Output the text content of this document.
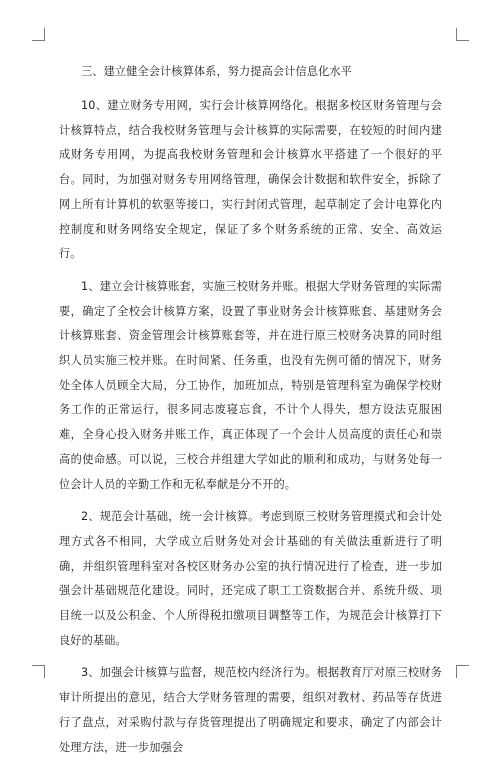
三、建立健全会计核算体系，努力提高会计信息化水平

10、建立财务专用网，实行会计核算网络化。根据多校区财务管理与会计核算特点，结合我校财务管理与会计核算的实际需要，在较短的时间内建成财务专用网，为提高我校财务管理和会计核算水平搭建了一个很好的平台。同时，为加强对财务专用网络管理，确保会计数据和软件安全，拆除了网上所有计算机的软驱等接口，实行封闭式管理，起草制定了会计电算化内控制度和财务网络安全规定，保证了多个财务系统的正常、安全、高效运行。

1、建立会计核算账套，实施三校财务并账。根据大学财务管理的实际需要，确定了全校会计核算方案，设置了事业财务会计核算账套、基建财务会计核算账套、资金管理会计核算账套等，并在进行原三校财务决算的同时组织人员实施三校并账。在时间紧、任务重，也没有先例可循的情况下，财务处全体人员顾全大局，分工协作，加班加点，特别是管理科室为确保学校财务工作的正常运行，很多同志废寝忘食，不计个人得失，想方设法克服困难，全身心投入财务并账工作，真正体现了一个会计人员高度的责任心和崇高的使命感。可以说，三校合并组建大学如此的顺利和成功，与财务处每一位会计人员的辛勤工作和无私奉献是分不开的。

2、规范会计基础，统一会计核算。考虑到原三校财务管理摸式和会计处理方式各不相同，大学成立后财务处对会计基础的有关做法重新进行了明确，并组织管理科室对各校区财务办公室的执行情况进行了检查，进一步加强会计基础规范化建设。同时，还完成了职工工资数据合并、系统升级、项目统一以及公积金、个人所得税扣缴项目调整等工作，为规范会计核算打下良好的基础。

3、加强会计核算与监督，规范校内经济行为。根据教育厅对原三校财务审计所提出的意见，结合大学财务管理的需要，组织对教材、药品等存货进行了盘点，对采购付款与存货管理提出了明确规定和要求，确定了内部会计处理方法，进一步加强会
